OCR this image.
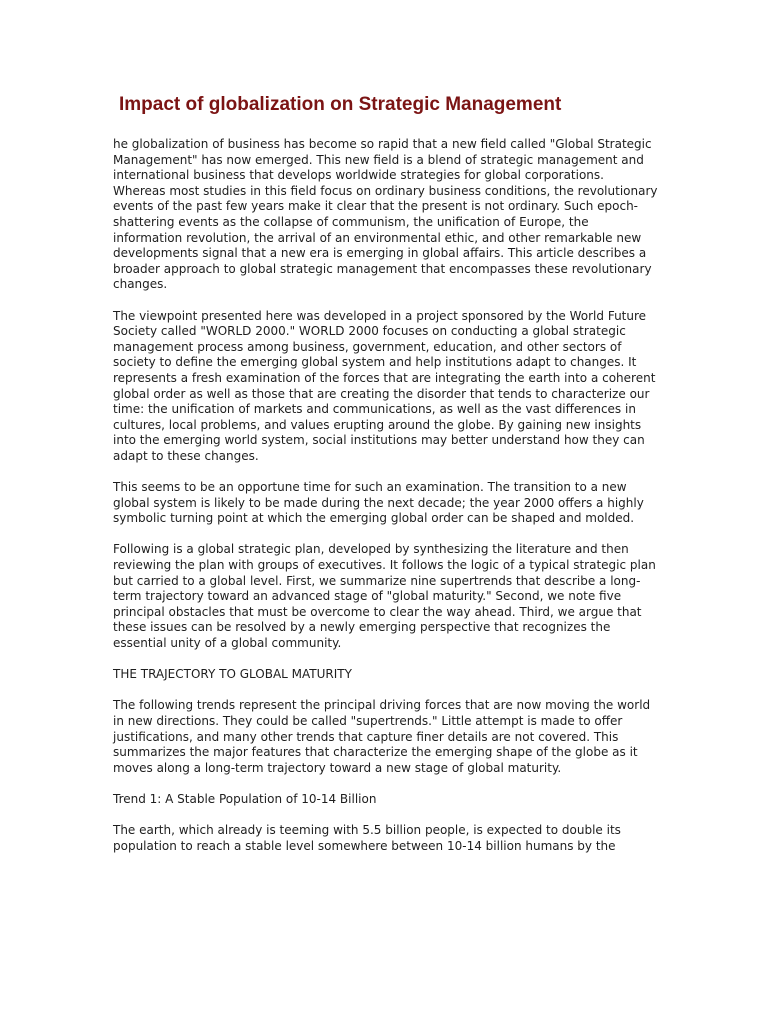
Impact of globalization on Strategic Management

he globalization of business has become so rapid that a new field called "Global Strategic Management" has now emerged. This new field is a blend of strategic management and international business that develops worldwide strategies for global corporations. Whereas most studies in this field focus on ordinary business conditions, the revolutionary events of the past few years make it clear that the present is not ordinary. Such epoch-shattering events as the collapse of communism, the unification of Europe, the information revolution, the arrival of an environmental ethic, and other remarkable new developments signal that a new era is emerging in global affairs. This article describes a broader approach to global strategic management that encompasses these revolutionary changes.

The viewpoint presented here was developed in a project sponsored by the World Future Society called "WORLD 2000." WORLD 2000 focuses on conducting a global strategic management process among business, government, education, and other sectors of society to define the emerging global system and help institutions adapt to changes. It represents a fresh examination of the forces that are integrating the earth into a coherent global order as well as those that are creating the disorder that tends to characterize our time: the unification of markets and communications, as well as the vast differences in cultures, local problems, and values erupting around the globe. By gaining new insights into the emerging world system, social institutions may better understand how they can adapt to these changes.

This seems to be an opportune time for such an examination. The transition to a new global system is likely to be made during the next decade; the year 2000 offers a highly symbolic turning point at which the emerging global order can be shaped and molded.

Following is a global strategic plan, developed by synthesizing the literature and then reviewing the plan with groups of executives. It follows the logic of a typical strategic plan but carried to a global level. First, we summarize nine supertrends that describe a long-term trajectory toward an advanced stage of "global maturity." Second, we note five principal obstacles that must be overcome to clear the way ahead. Third, we argue that these issues can be resolved by a newly emerging perspective that recognizes the essential unity of a global community.

THE TRAJECTORY TO GLOBAL MATURITY

The following trends represent the principal driving forces that are now moving the world in new directions. They could be called "supertrends." Little attempt is made to offer justifications, and many other trends that capture finer details are not covered. This summarizes the major features that characterize the emerging shape of the globe as it moves along a long-term trajectory toward a new stage of global maturity.

Trend 1: A Stable Population of 10-14 Billion

The earth, which already is teeming with 5.5 billion people, is expected to double its population to reach a stable level somewhere between 10-14 billion humans by the
